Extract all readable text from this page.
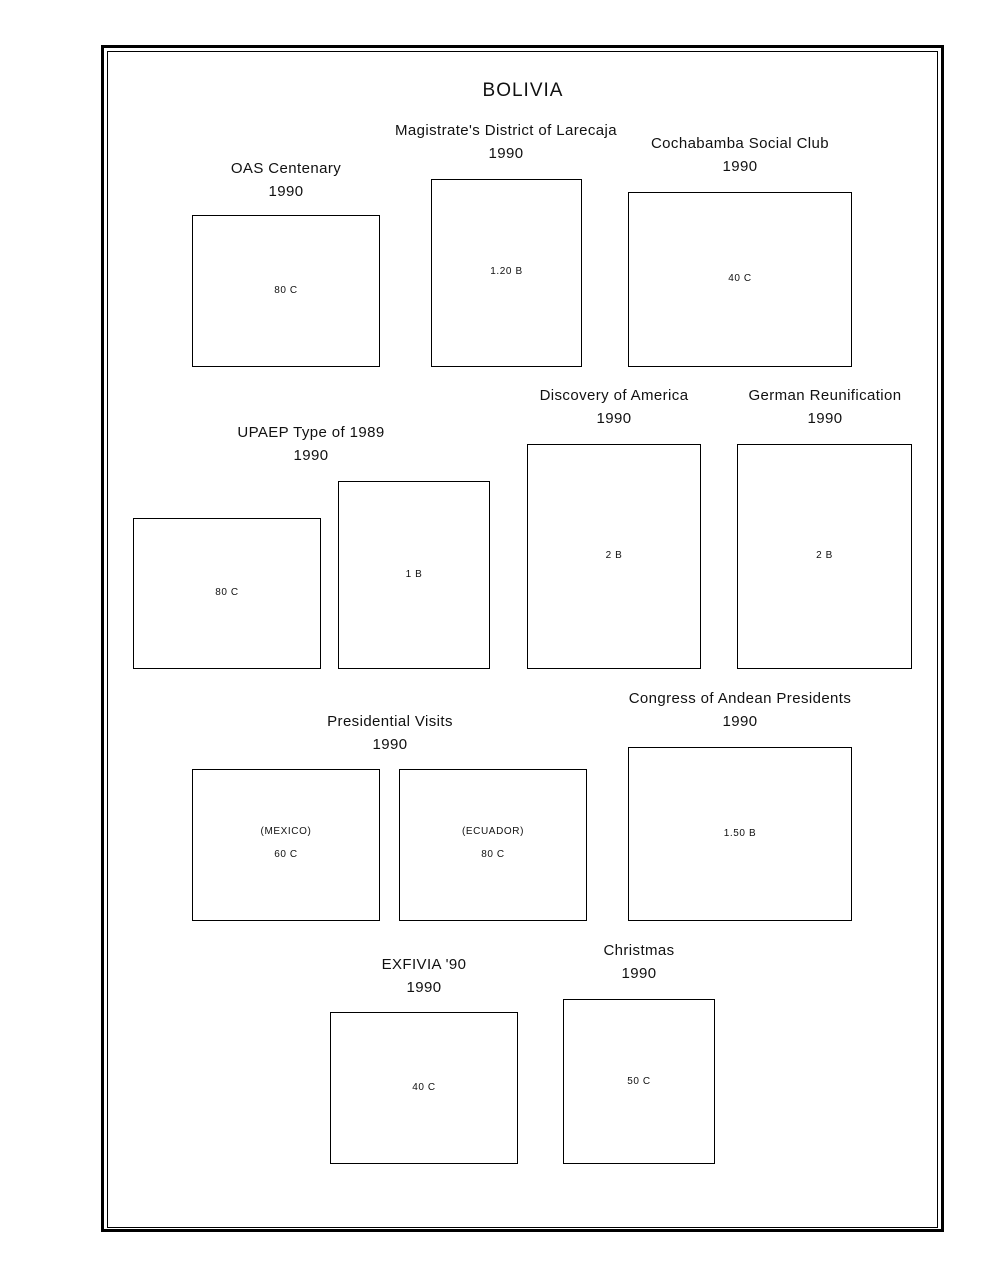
BOLIVIA
OAS Centenary
1990
80 C
Magistrate's District of Larecaja
1990
1.20 B
Cochabamba Social Club
1990
40 C
UPAEP Type of 1989
1990
80 C
1 B
Discovery of America
1990
2 B
German Reunification
1990
2 B
Presidential Visits
1990
(MEXICO)
60 C
(ECUADOR)
80 C
Congress of Andean Presidents
1990
1.50 B
EXFIVIA '90
1990
40 C
Christmas
1990
50 C
